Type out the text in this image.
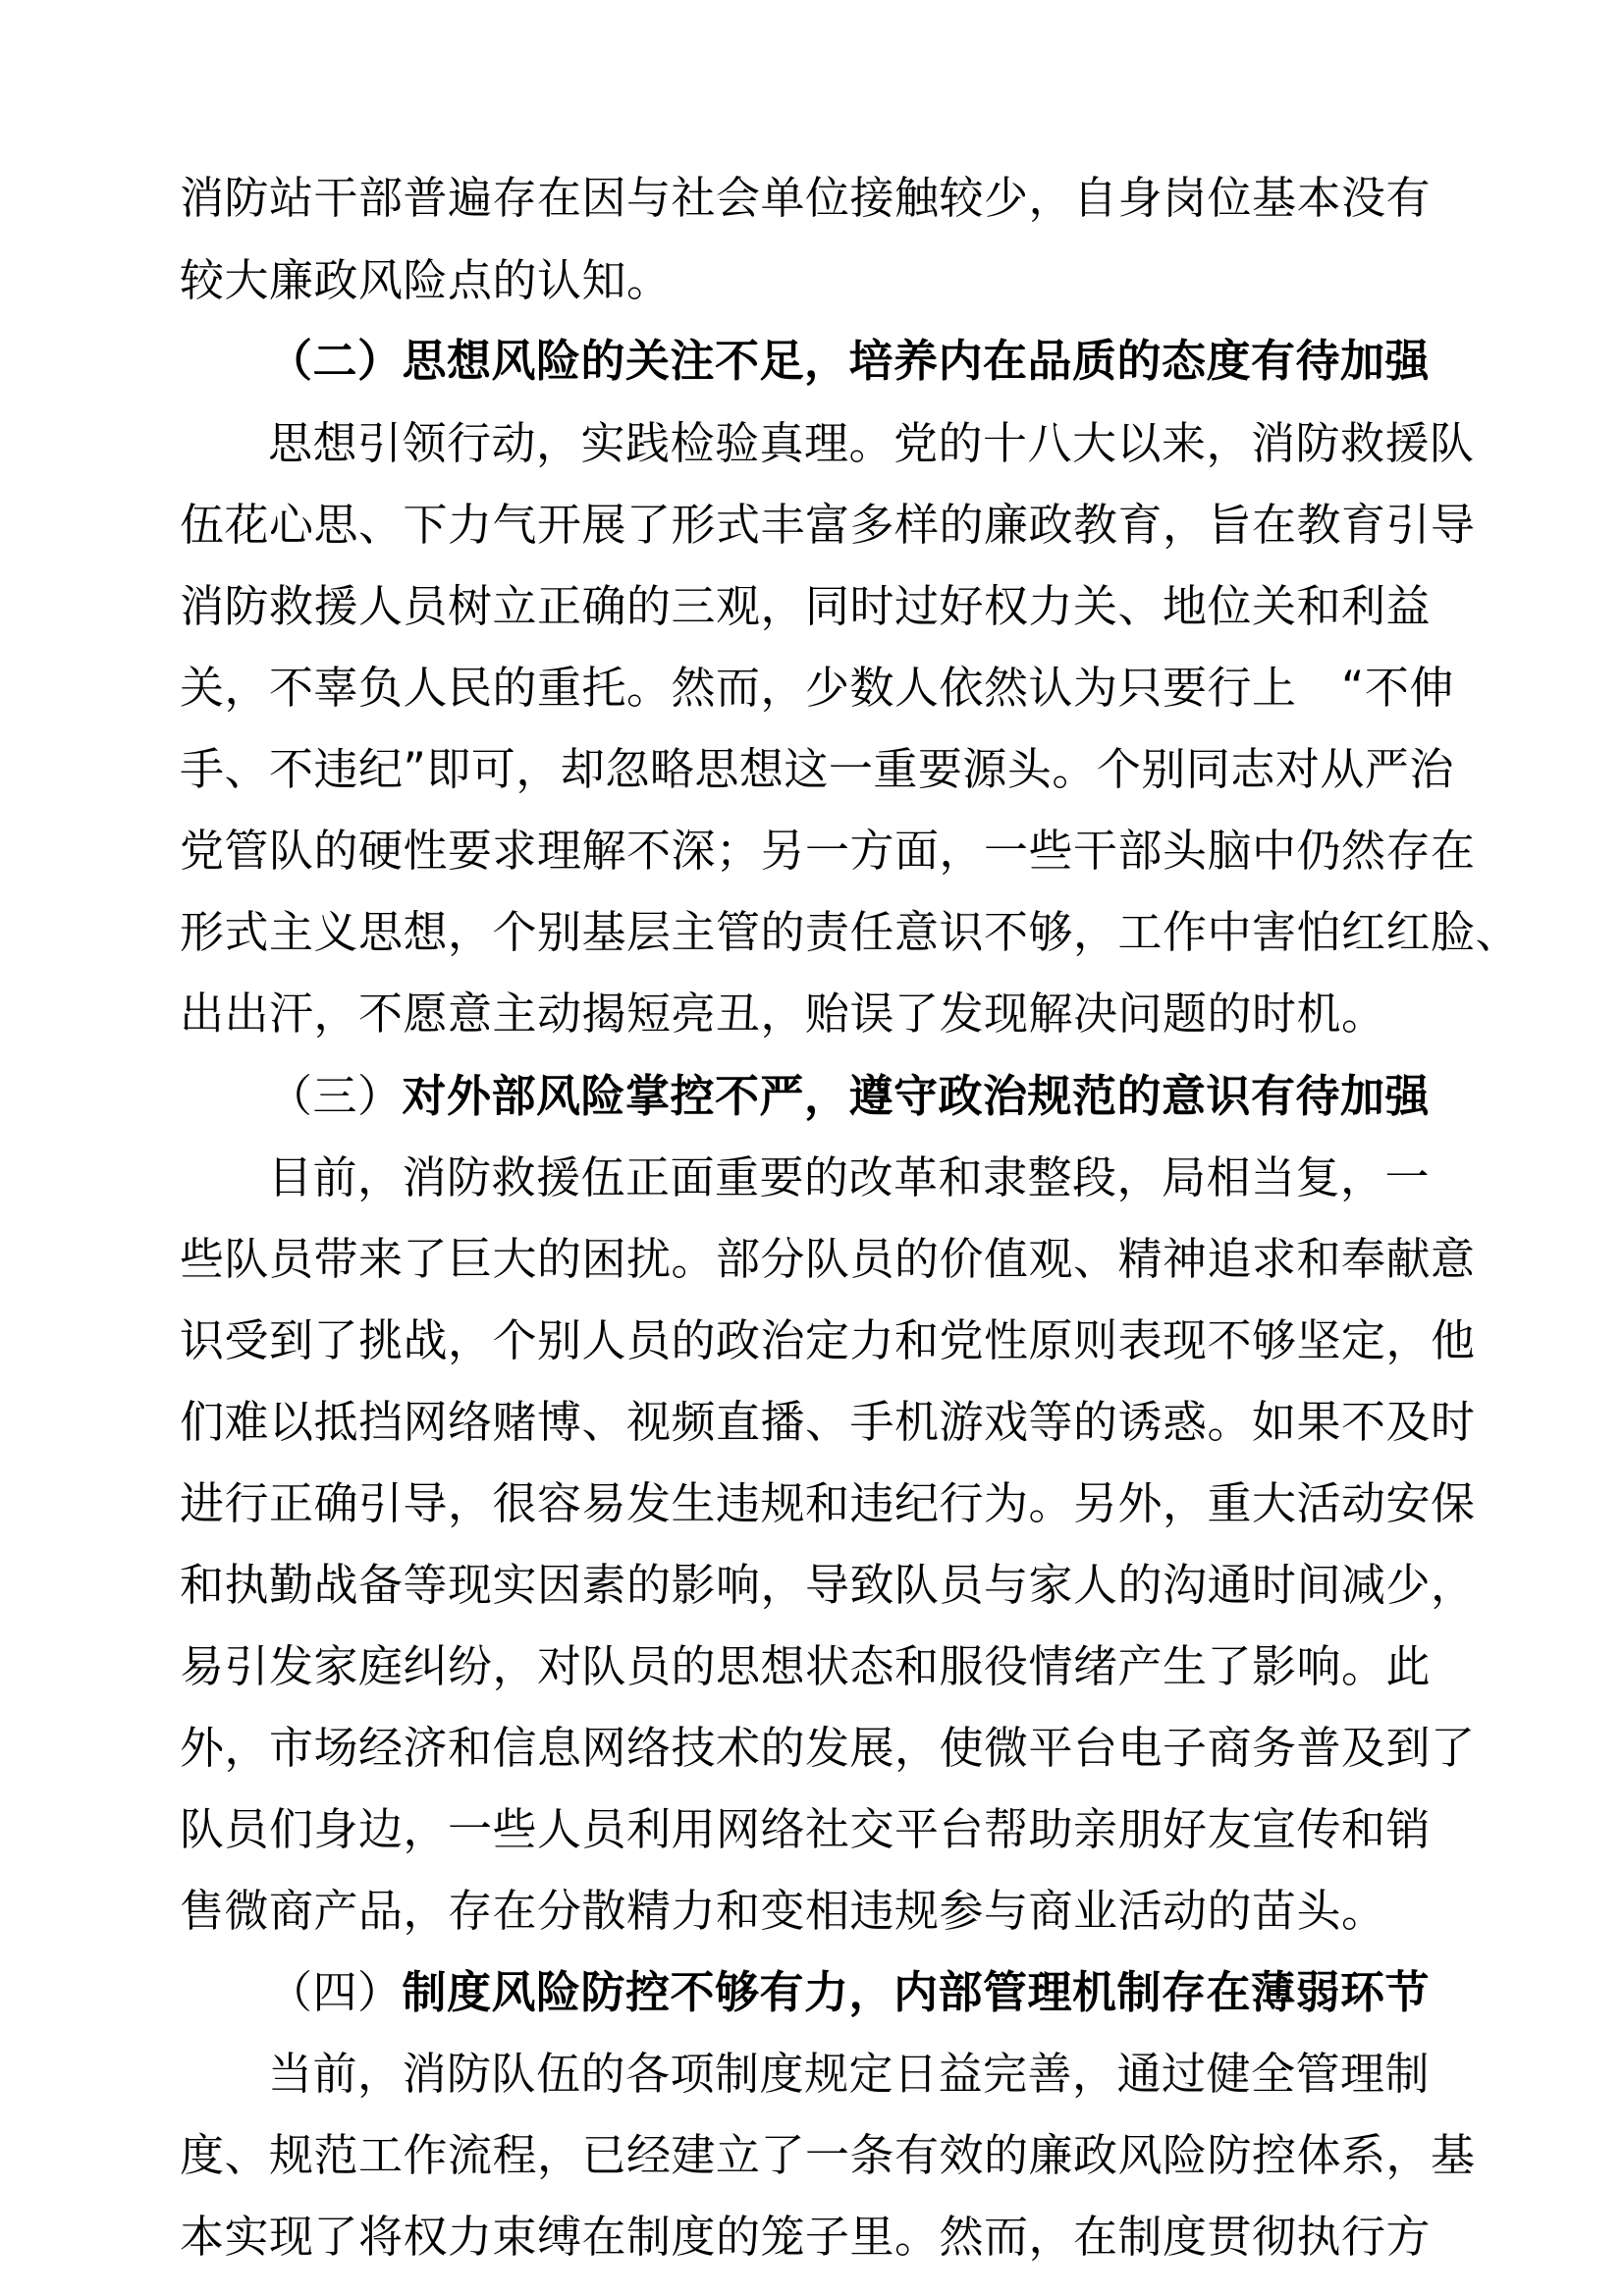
消防站干部普遍存在因与社会单位接触较少，自身岗位基本没有

较大廉政风险点的认知。

（二）思想风险的关注不足，培养内在品质的态度有待加强

思想引领行动，实践检验真理。党的十八大以来，消防救援队

伍花心思、下力气开展了形式丰富多样的廉政教育，旨在教育引导

消防救援人员树立正确的三观，同时过好权力关、地位关和利益

关，不辜负人民的重托。然而，少数人依然认为只要行上　“不伸

手、不违纪”即可，却忽略思想这一重要源头。个别同志对从严治

党管队的硬性要求理解不深；另一方面，一些干部头脑中仍然存在

形式主义思想，个别基层主管的责任意识不够，工作中害怕红红脸、

出出汗，不愿意主动揭短亮丑，贻误了发现解决问题的时机。

（三）对外部风险掌控不严，遵守政治规范的意识有待加强

目前，消防救援伍正面重要的改革和隶整段，局相当复，一

些队员带来了巨大的困扰。部分队员的价值观、精神追求和奉献意

识受到了挑战，个别人员的政治定力和党性原则表现不够坚定，他

们难以抵挡网络赌博、视频直播、手机游戏等的诱惑。如果不及时

进行正确引导，很容易发生违规和违纪行为。另外，重大活动安保

和执勤战备等现实因素的影响，导致队员与家人的沟通时间减少，

易引发家庭纠纷，对队员的思想状态和服役情绪产生了影响。此

外，市场经济和信息网络技术的发展，使微平台电子商务普及到了

队员们身边，一些人员利用网络社交平台帮助亲朋好友宣传和销

售微商产品，存在分散精力和变相违规参与商业活动的苗头。

（四）制度风险防控不够有力，内部管理机制存在薄弱环节

当前，消防队伍的各项制度规定日益完善，通过健全管理制

度、规范工作流程，已经建立了一条有效的廉政风险防控体系，基

本实现了将权力束缚在制度的笼子里。然而，在制度贯彻执行方
